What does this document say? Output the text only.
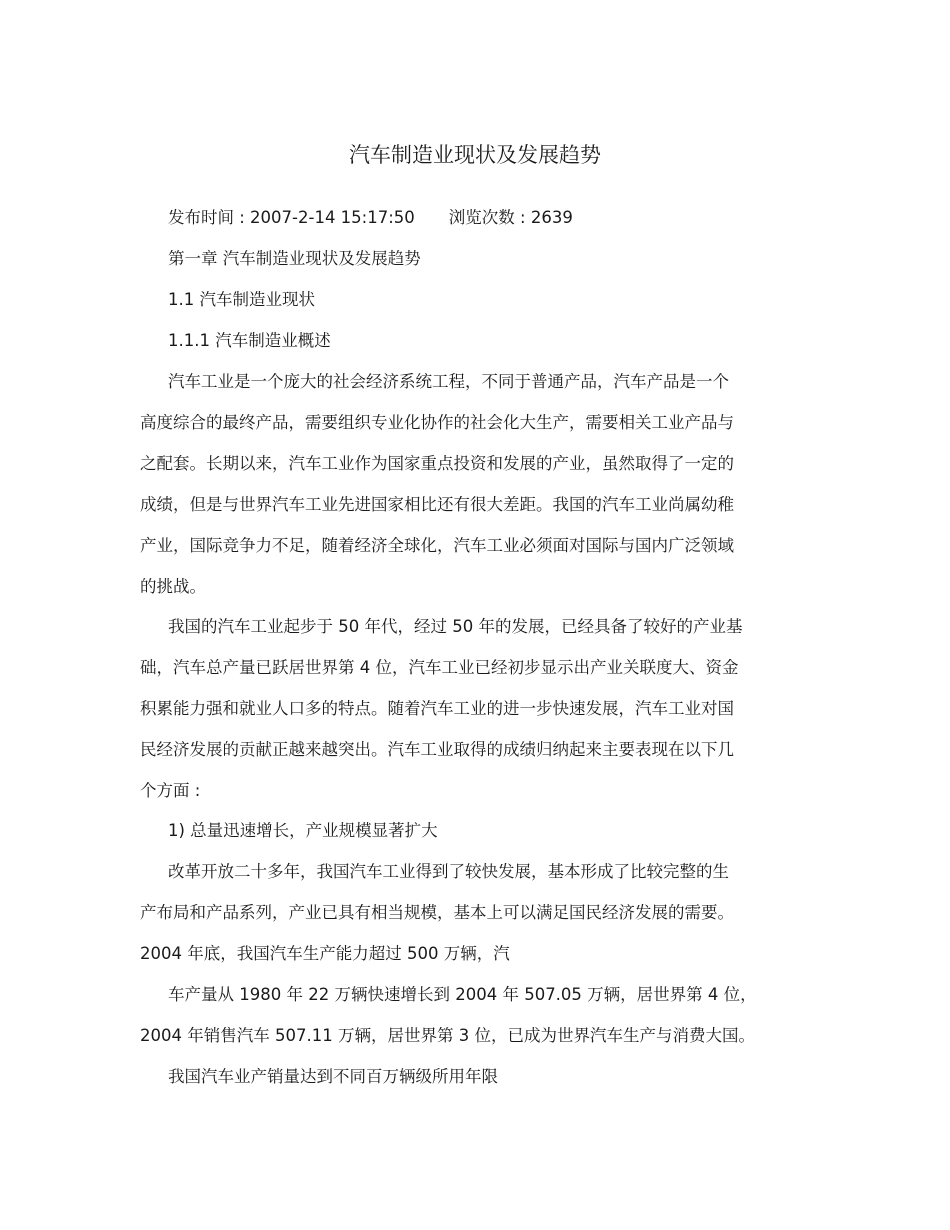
汽车制造业现状及发展趋势
发布时间 : 2007-2-14 15:17:50 浏览次数 : 2639
第一章 汽车制造业现状及发展趋势
1.1 汽车制造业现状
1.1.1 汽车制造业概述
汽车工业是一个庞大的社会经济系统工程，不同于普通产品，汽车产品是一个
高度综合的最终产品，需要组织专业化协作的社会化大生产，需要相关工业产品与
之配套。长期以来，汽车工业作为国家重点投资和发展的产业，虽然取得了一定的
成绩，但是与世界汽车工业先进国家相比还有很大差距。我国的汽车工业尚属幼稚
产业，国际竞争力不足，随着经济全球化，汽车工业必须面对国际与国内广泛领域
的挑战。
我国的汽车工业起步于 50 年代，经过 50 年的发展，已经具备了较好的产业基
础，汽车总产量已跃居世界第 4 位，汽车工业已经初步显示出产业关联度大、资金
积累能力强和就业人口多的特点。随着汽车工业的进一步快速发展，汽车工业对国
民经济发展的贡献正越来越突出。汽车工业取得的成绩归纳起来主要表现在以下几
个方面 :
1) 总量迅速增长，产业规模显著扩大
改革开放二十多年，我国汽车工业得到了较快发展，基本形成了比较完整的生
产布局和产品系列，产业已具有相当规模，基本上可以满足国民经济发展的需要。
2004 年底，我国汽车生产能力超过 500 万辆，汽
车产量从 1980 年 22 万辆快速增长到 2004 年 507.05 万辆，居世界第 4 位，
2004 年销售汽车 507.11 万辆，居世界第 3 位，已成为世界汽车生产与消费大国。
我国汽车业产销量达到不同百万辆级所用年限
